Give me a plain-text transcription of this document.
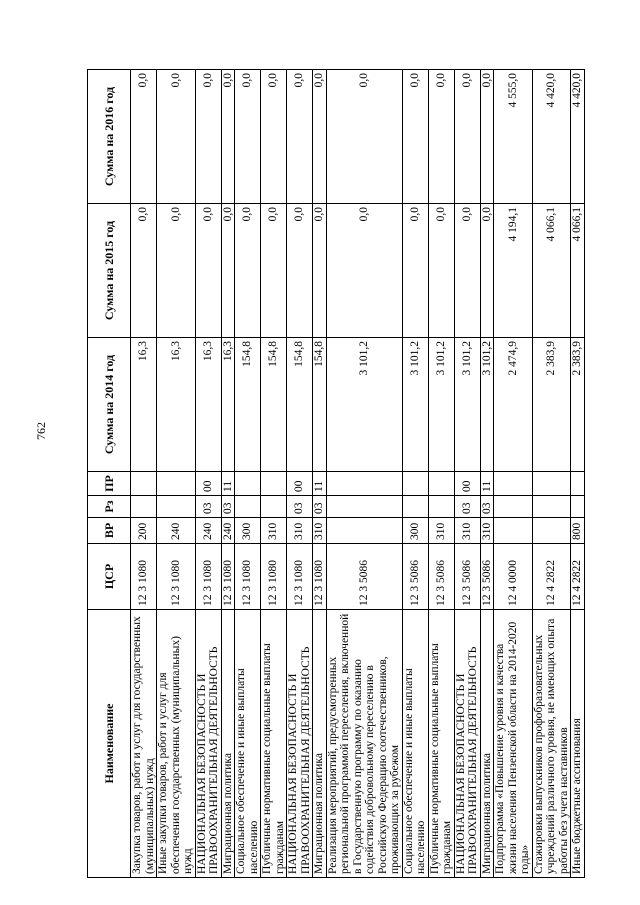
762
Наименование	ЦСР	ВР	Рз	ПР	Сумма на 2014 год	Сумма на 2015 год	Сумма на 2016 год
Закупка товаров, работ и услуг для государственных (муниципальных) нужд	12 3 1080	200			16,3	0,0	0,0
Иные закупки товаров, работ и услуг для обеспечения государственных (муниципальных) нужд	12 3 1080	240			16,3	0,0	0,0
НАЦИОНАЛЬНАЯ БЕЗОПАСНОСТЬ И ПРАВООХРАНИТЕЛЬНАЯ ДЕЯТЕЛЬНОСТЬ	12 3 1080	240	03	00	16,3	0,0	0,0
Миграционная политика	12 3 1080	240	03	11	16,3	0,0	0,0
Социальное обеспечение и иные выплаты населению	12 3 1080	300			154,8	0,0	0,0
Публичные нормативные социальные выплаты гражданам	12 3 1080	310			154,8	0,0	0,0
НАЦИОНАЛЬНАЯ БЕЗОПАСНОСТЬ И ПРАВООХРАНИТЕЛЬНАЯ ДЕЯТЕЛЬНОСТЬ	12 3 1080	310	03	00	154,8	0,0	0,0
Миграционная политика	12 3 1080	310	03	11	154,8	0,0	0,0
Реализация мероприятий, предусмотренных региональной программой переселения, включенной в Государственную программу по оказанию содействия добровольному переселению в Российскую Федерацию соотечественников, проживающих за рубежом	12 3 5086				3 101,2	0,0	0,0
Социальное обеспечение и иные выплаты населению	12 3 5086	300			3 101,2	0,0	0,0
Публичные нормативные социальные выплаты гражданам	12 3 5086	310			3 101,2	0,0	0,0
НАЦИОНАЛЬНАЯ БЕЗОПАСНОСТЬ И ПРАВООХРАНИТЕЛЬНАЯ ДЕЯТЕЛЬНОСТЬ	12 3 5086	310	03	00	3 101,2	0,0	0,0
Миграционная политика	12 3 5086	310	03	11	3 101,2	0,0	0,0
Подпрограмма «Повышение уровня и качества жизни населения Пензенской области на 2014-2020 годы»	12 4 0000				2 474,9	4 194,1	4 555,0
Стажировки выпускников профобразовательных учреждений различного уровня, не имеющих опыта работы без учета наставников	12 4 2822				2 383,9	4 066,1	4 420,0
Иные бюджетные ассигнования	12 4 2822	800			2 383,9	4 066,1	4 420,0
